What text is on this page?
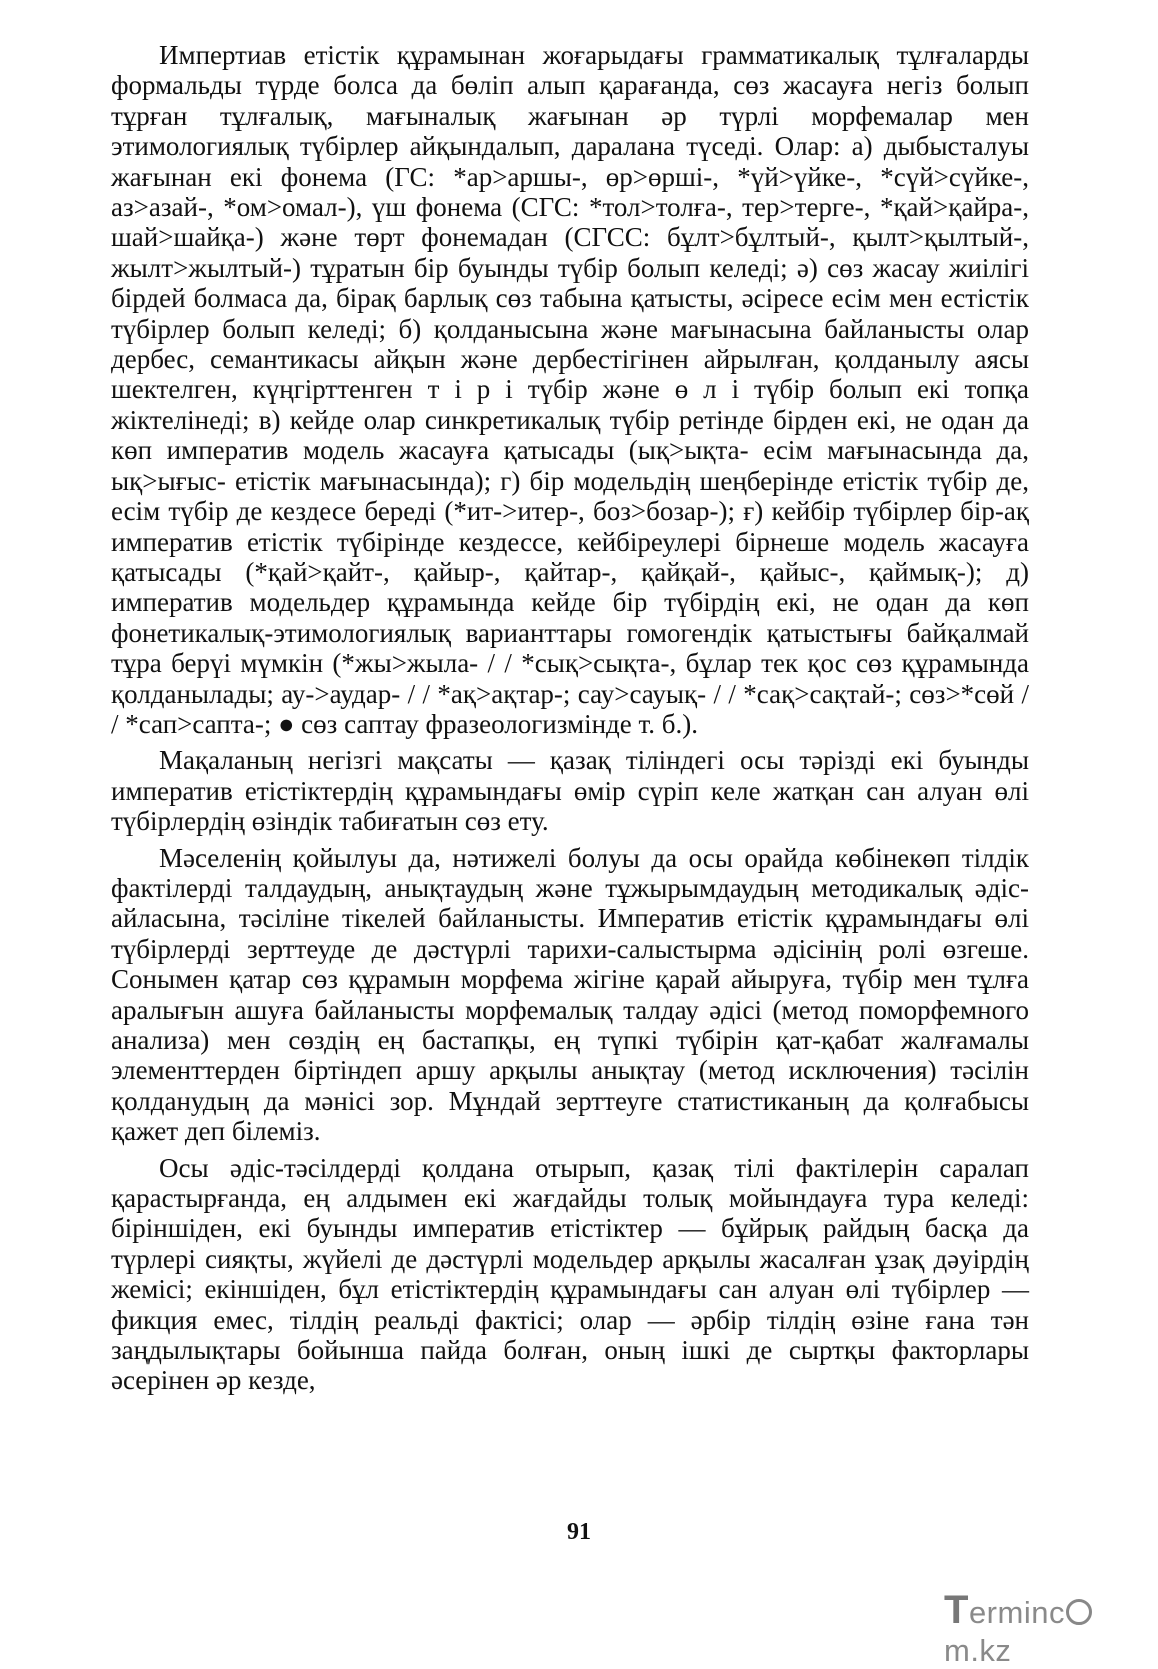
Импертиав етістік құрамынан жоғарыдағы грамматикалық тұлғаларды формальды түрде болса да бөліп алып қарағанда, сөз жасауға негіз болып тұрған тұлғалық, мағыналық жағынан әр түрлі морфемалар мен этимологиялық түбірлер айқындалып, даралана түседі. Олар: а) дыбысталуы жағынан екі фонема (ГС: *ар>аршы-, өр>өрші-, *үй>үйке-, *сүй>сүйке-, аз>азай-, *ом>омал-), үш фонема (СГС: *тол>толға-, тер>терге-, *қай>қайра-, шай>шайқа-) және төрт фонемадан (СГСС: бұлт>бұлтый-, қылт>қылтый-, жылт>жылтый-) тұратын бір буынды түбір болып келеді; ә) сөз жасау жиілігі бірдей болмаса да, бірақ барлық сөз табына қатысты, әсіресе есім мен естістік түбірлер болып келеді; б) қолданысына және мағынасына байланысты олар дербес, семантикасы айқын және дербестігінен айрылған, қолданылу аясы шектелген, күңгірттенген т і р і түбір және ө л і түбір болып екі топқа жіктелінеді; в) кейде олар синкретикалық түбір ретінде бірден екі, не одан да көп императив модель жасауға қатысады (ық>ықта- есім мағынасында да, ық>ығыс- етістік мағынасында); г) бір модельдің шеңберінде етістік түбір де, есім түбір де кездесе береді (*ит->итер-, боз>бозар-); ғ) кейбір түбірлер бір-ақ императив етістік түбірінде кездессе, кейбіреулері бірнеше модель жасауға қатысады (*қай>қайт-, қайыр-, қайтар-, қайқай-, қайыс-, қаймық-); д) императив модельдер құрамында кейде бір түбірдің екі, не одан да көп фонетикалық-этимологиялық варианттары гомогендік қатыстығы байқалмай тұра берүі мүмкін (*жы>жыла- / / *сық>сықта-, бұлар тек қос сөз құрамында қолданылады; ау->аудар- / / *ақ>ақтар-; сау>сауық- / / *сақ>сақтай-; сөз>*сөй / / *сап>сапта-; ● сөз саптау фразеологизмінде т. б.).

Мақаланың негізгі мақсаты — қазақ тіліндегі осы тәрізді екі буынды императив етістіктердің құрамындағы өмір сүріп келе жатқан сан алуан өлі түбірлердің өзіндік табиғатын сөз ету.

Мәселенің қойылуы да, нәтижелі болуы да осы орайда көбінекөп тілдік фактілерді талдаудың, анықтаудың және тұжырымдаудың методикалық әдіс-айласына, тәсіліне тікелей байланысты. Императив етістік құрамындағы өлі түбірлерді зерттеуде де дәстүрлі тарихи-салыстырма әдісінің ролі өзгеше. Сонымен қатар сөз құрамын морфема жігіне қарай айыруға, түбір мен тұлға аралығын ашуға байланысты морфемалық талдау әдісі (метод поморфемного анализа) мен сөздің ең бастапқы, ең түпкі түбірін қат-қабат жалғамалы элементтерден біртіндеп аршу арқылы анықтау (метод исключения) тәсілін қолданудың да мәнісі зор. Мұндай зерттеуге статистиканың да қолғабысы қажет деп білеміз.

Осы әдіс-тәсілдерді қолдана отырып, қазақ тілі фактілерін саралап қарастырғанда, ең алдымен екі жағдайды толық мойындауға тура келеді: біріншіден, екі буынды императив етістіктер — бұйрық райдың басқа да түрлері сияқты, жүйелі де дәстүрлі модельдер арқылы жасалған ұзақ дәуірдің жемісі; екіншіден, бұл етістіктердің құрамындағы сан алуан өлі түбірлер — фикция емес, тілдің реальді фактісі; олар — әрбір тілдің өзіне ғана тән заңдылықтары бойынша пайда болған, оның ішкі де сыртқы факторлары әсерінен әр кезде,

91
Termincm.kz
